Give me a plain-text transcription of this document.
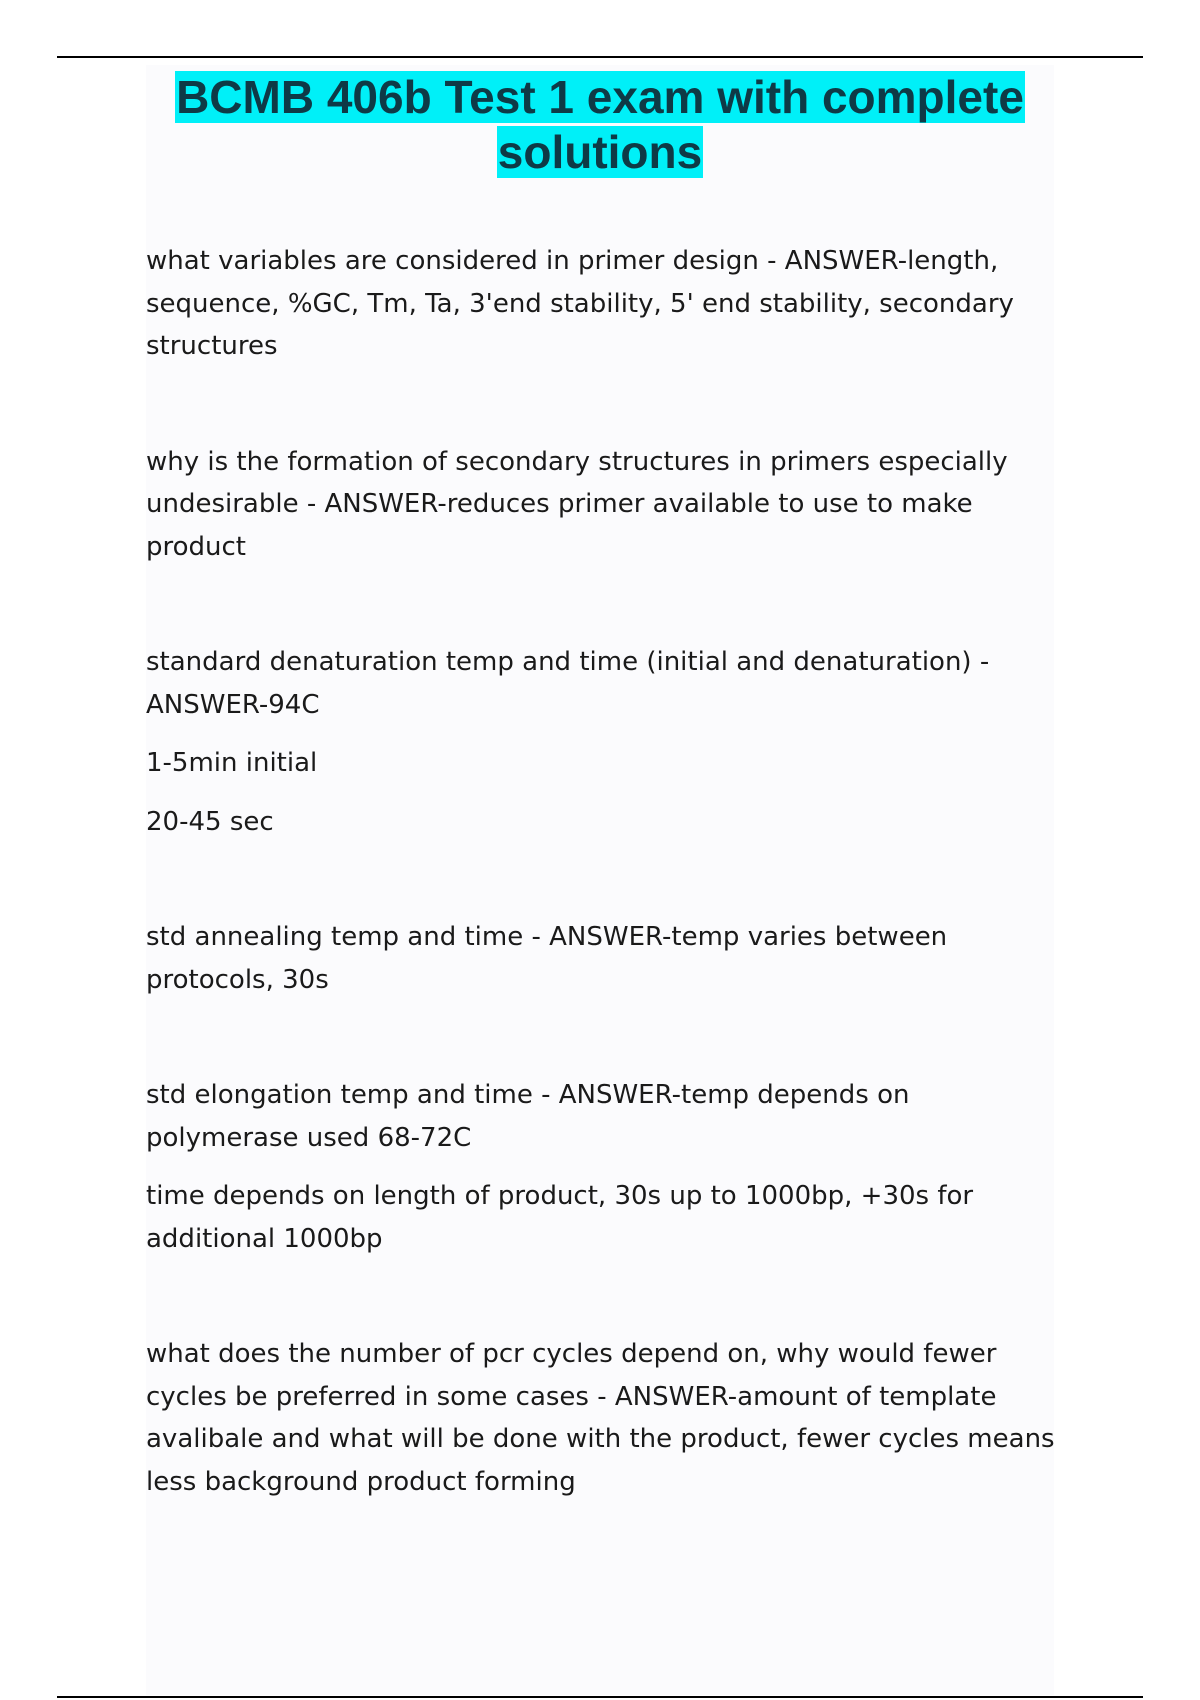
BCMB 406b Test 1 exam with complete
solutions

what variables are considered in primer design - ANSWER-length,

sequence, %GC, Tm, Ta, 3'end stability, 5' end stability, secondary

structures

why is the formation of secondary structures in primers especially

undesirable - ANSWER-reduces primer available to use to make

product

standard denaturation temp and time (initial and denaturation) -

ANSWER-94C

1-5min initial

20-45 sec

std annealing temp and time - ANSWER-temp varies between

protocols, 30s

std elongation temp and time - ANSWER-temp depends on

polymerase used 68-72C

time depends on length of product, 30s up to 1000bp, +30s for

additional 1000bp

what does the number of pcr cycles depend on, why would fewer

cycles be preferred in some cases - ANSWER-amount of template

avalibale and what will be done with the product, fewer cycles means

less background product forming
